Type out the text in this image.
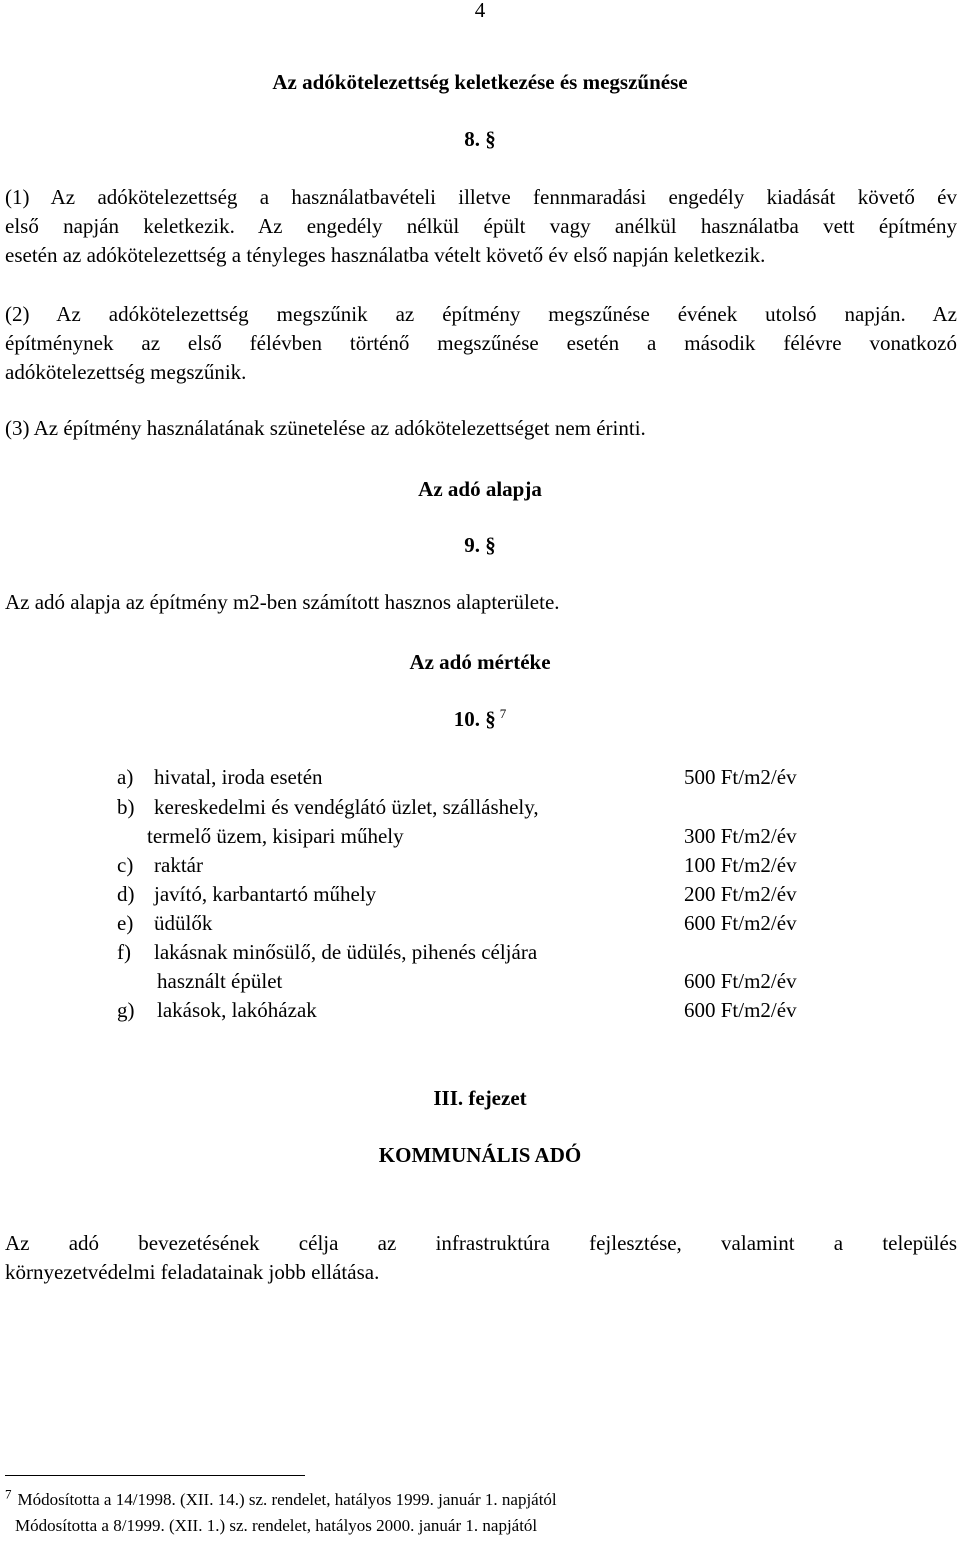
4
Az adókötelezettség keletkezése és megszűnése
8. §
(1) Az adókötelezettség a használatbavételi illetve fennmaradási engedély kiadását követő év
első napján keletkezik. Az engedély nélkül épült vagy anélkül használatba vett építmény
esetén az adókötelezettség a tényleges használatba vételt követő év első napján keletkezik.
(2) Az adókötelezettség megszűnik az építmény megszűnése évének utolsó napján. Az
építménynek az első félévben történő megszűnése esetén a második félévre vonatkozó
adókötelezettség megszűnik.
(3) Az építmény használatának szünetelése az adókötelezettséget nem érinti.
Az adó alapja
9. §
Az adó alapja az építmény m2-ben számított hasznos alapterülete.
Az adó mértéke
10. § $^7$
a) hivatal, iroda esetén	500 Ft/m2/év
b) kereskedelmi és vendéglátó üzlet, szálláshely,
termelő üzem, kisipari műhely	300 Ft/m2/év
c) raktár	100 Ft/m2/év
d) javító, karbantartó műhely	200 Ft/m2/év
e) üdülők	600 Ft/m2/év
f) lakásnak minősülő, de üdülés, pihenés céljára
használt épület	600 Ft/m2/év
g) lakások, lakóházak	600 Ft/m2/év
III. fejezet
KOMMUNÁLIS ADÓ
Az adó bevezetésének célja az infrastruktúra fejlesztése, valamint a település
környezetvédelmi feladatainak jobb ellátása.
$^7$ Módosította a 14/1998. (XII. 14.) sz. rendelet, hatályos 1999. január 1. napjától
Módosította a 8/1999. (XII. 1.) sz. rendelet, hatályos 2000. január 1. napjától
